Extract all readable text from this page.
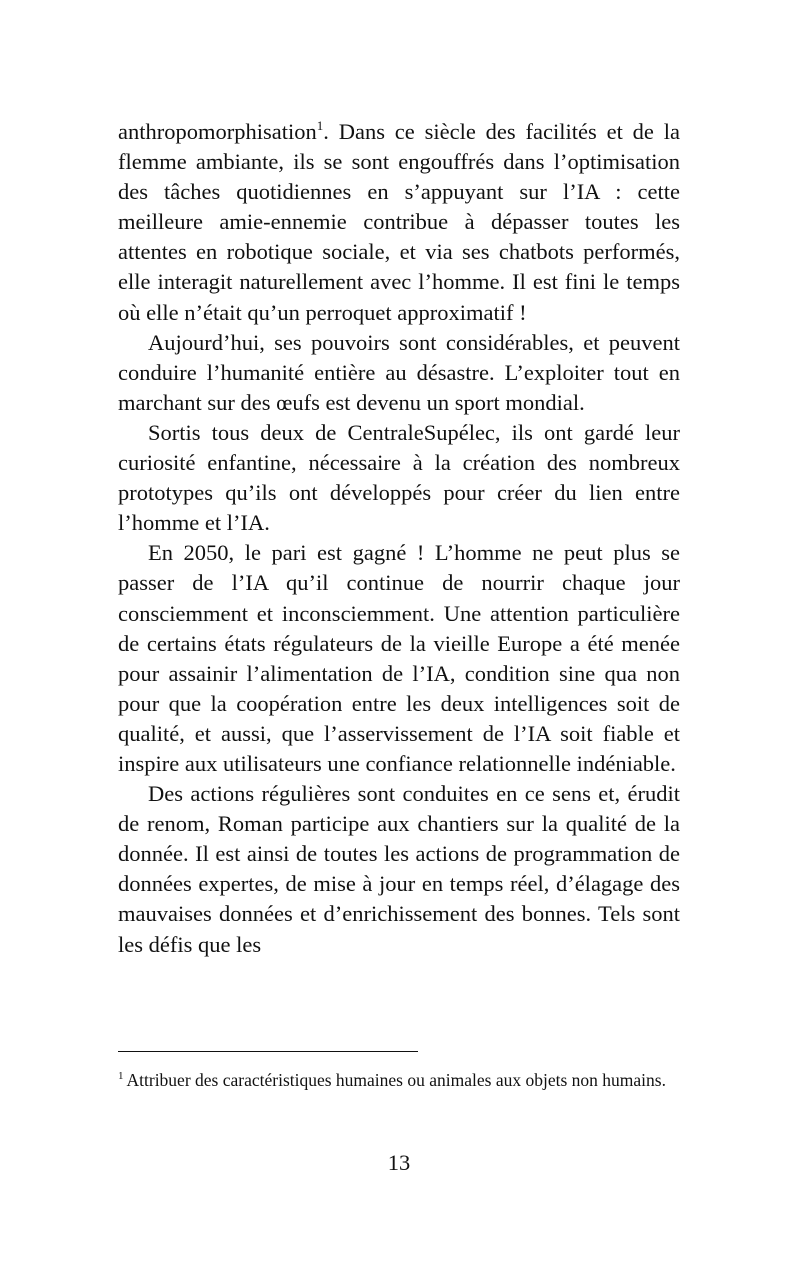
anthropomorphisation$^1$. Dans ce siècle des facilités et de la flemme ambiante, ils se sont engouffrés dans l’optimisation des tâches quotidiennes en s’appuyant sur l’IA : cette meilleure amie-ennemie contribue à dépasser toutes les attentes en robotique sociale, et via ses chatbots performés, elle interagit naturellement avec l’homme. Il est fini le temps où elle n’était qu’un perroquet approximatif !

Aujourd’hui, ses pouvoirs sont considérables, et peuvent conduire l’humanité entière au désastre. L’exploiter tout en marchant sur des œufs est devenu un sport mondial.

Sortis tous deux de CentraleSupélec, ils ont gardé leur curiosité enfantine, nécessaire à la création des nombreux prototypes qu’ils ont développés pour créer du lien entre l’homme et l’IA.

En 2050, le pari est gagné ! L’homme ne peut plus se passer de l’IA qu’il continue de nourrir chaque jour consciemment et inconsciemment. Une attention particulière de certains états régulateurs de la vieille Europe a été menée pour assainir l’alimentation de l’IA, condition sine qua non pour que la coopération entre les deux intelligences soit de qualité, et aussi, que l’asservissement de l’IA soit fiable et inspire aux utilisateurs une confiance relationnelle indéniable.

Des actions régulières sont conduites en ce sens et, érudit de renom, Roman participe aux chantiers sur la qualité de la donnée. Il est ainsi de toutes les actions de programmation de données expertes, de mise à jour en temps réel, d’élagage des mauvaises données et d’enrichissement des bonnes. Tels sont les défis que les

$^1$ Attribuer des caractéristiques humaines ou animales aux objets non humains.
13
